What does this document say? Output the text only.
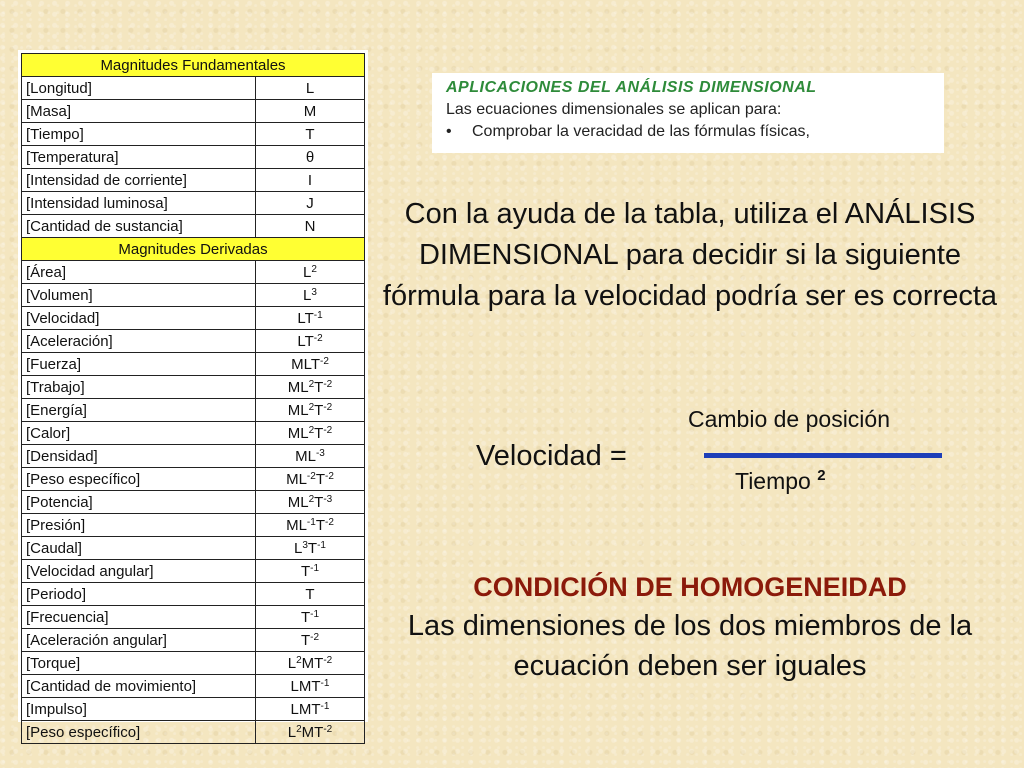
Magnitudes Fundamentales	
[Longitud]	L
[Masa]	M
[Tiempo]	T
[Temperatura]	θ
[Intensidad de corriente]	I
[Intensidad luminosa]	J
[Cantidad de sustancia]	N
Magnitudes Derivadas	
[Área]	$L^2$
[Volumen]	$L^3$
[Velocidad]	$LT^{-1}$
[Aceleración]	$LT^{-2}$
[Fuerza]	$MLT^{-2}$
[Trabajo]	$ML^2T^{-2}$
[Energía]	$ML^2T^{-2}$
[Calor]	$ML^2T^{-2}$
[Densidad]	$ML^{-3}$
[Peso específico]	$ML^{-2}T^{-2}$
[Potencia]	$ML^2T^{-3}$
[Presión]	$ML^{-1}T^{-2}$
[Caudal]	$L^3T^{-1}$
[Velocidad angular]	$T^{-1}$
[Periodo]	T
[Frecuencia]	$T^{-1}$
[Aceleración angular]	$T^{-2}$
[Torque]	$L^2MT^{-2}$
[Cantidad de movimiento]	$LMT^{-1}$
[Impulso]	$LMT^{-1}$
[Peso específico]	$L^2MT^{-2}$
APLICACIONES DEL ANÁLISIS DIMENSIONAL
Las ecuaciones dimensionales se aplican para:
• Comprobar la veracidad de las fórmulas físicas,
Con la ayuda de la tabla, utiliza el ANÁLISIS DIMENSIONAL para decidir si la siguiente fórmula para la velocidad podría ser es correcta
Cambio de posición
Velocidad =
Tiempo $^2$
CONDICIÓN DE HOMOGENEIDAD
Las dimensiones de los dos miembros de la ecuación deben ser iguales
